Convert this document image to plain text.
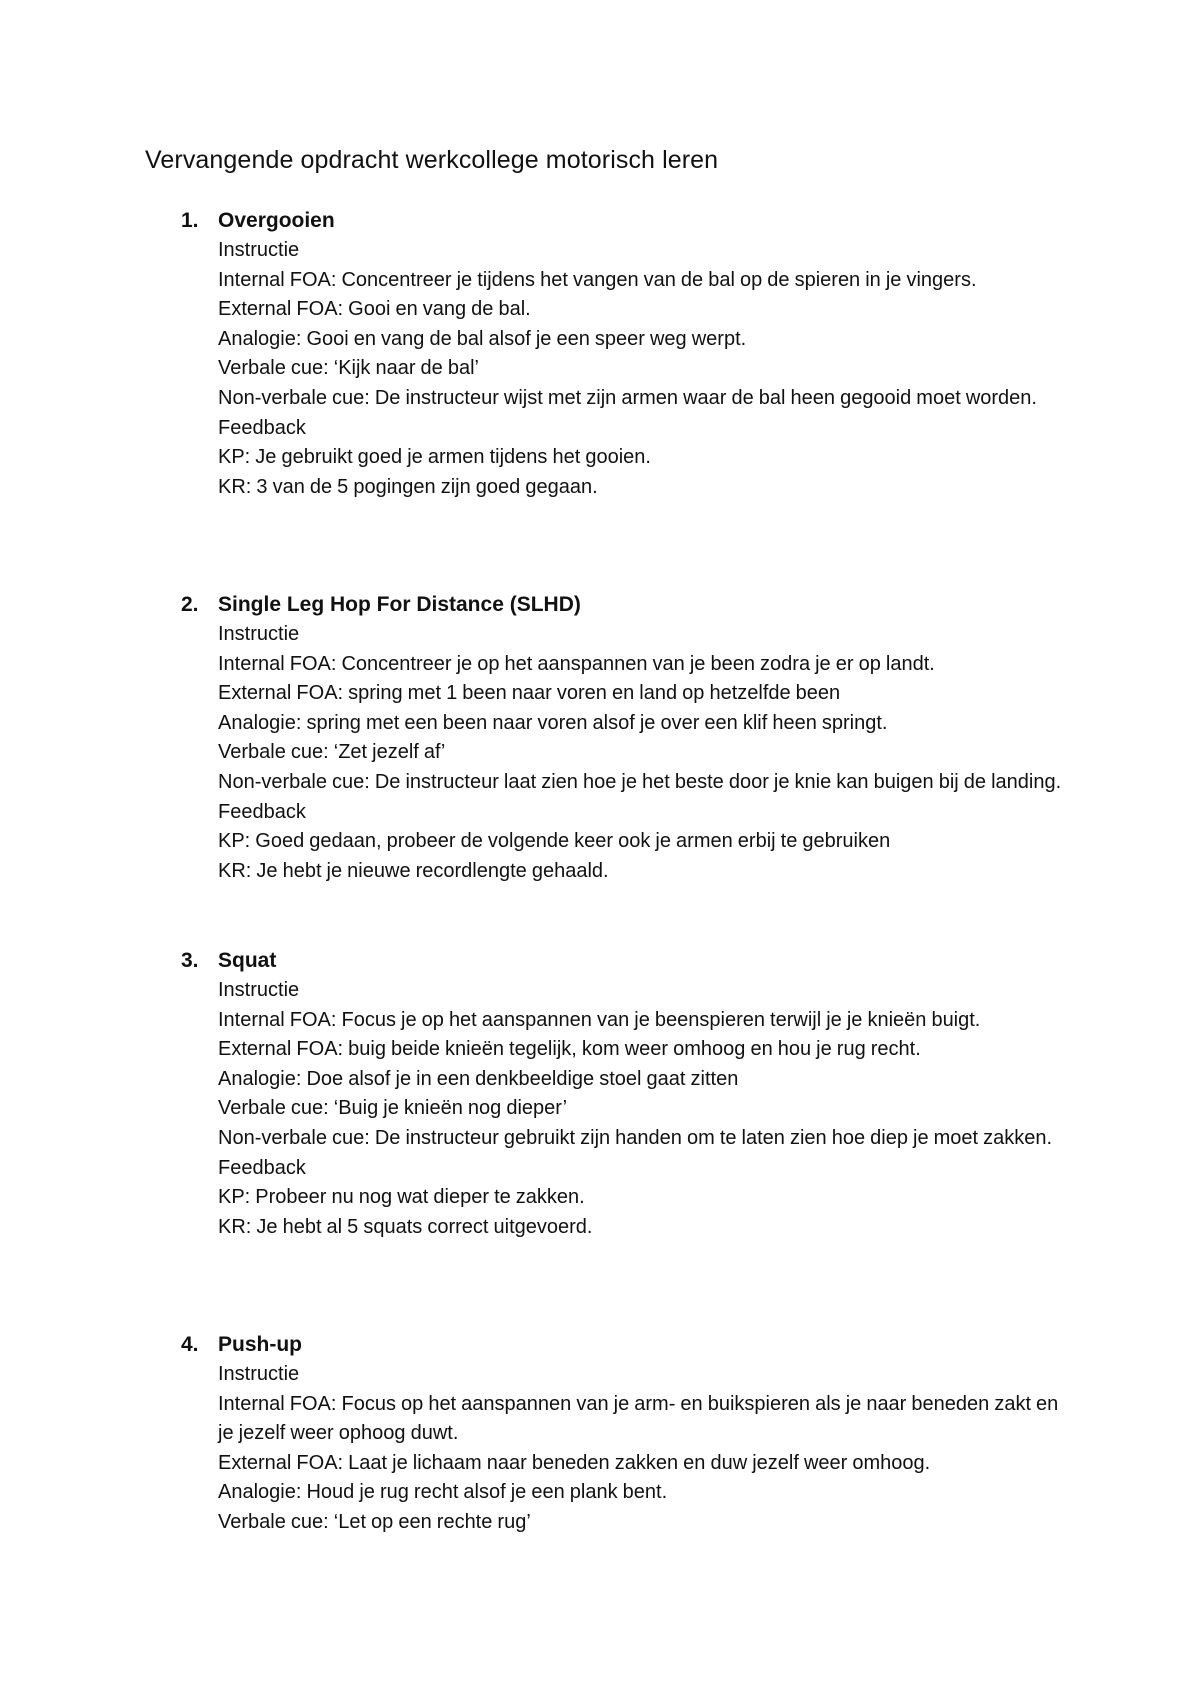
Vervangende opdracht werkcollege motorisch leren
1. Overgooien
Instructie
Internal FOA: Concentreer je tijdens het vangen van de bal op de spieren in je vingers.
External FOA: Gooi en vang de bal.
Analogie: Gooi en vang de bal alsof je een speer weg werpt.
Verbale cue: ‘Kijk naar de bal’
Non-verbale cue: De instructeur wijst met zijn armen waar de bal heen gegooid moet worden.
Feedback
KP: Je gebruikt goed je armen tijdens het gooien.
KR: 3 van de 5 pogingen zijn goed gegaan.
2. Single Leg Hop For Distance (SLHD)
Instructie
Internal FOA: Concentreer je op het aanspannen van je been zodra je er op landt.
External FOA: spring met 1 been naar voren en land op hetzelfde been
Analogie: spring met een been naar voren alsof je over een klif heen springt.
Verbale cue: ‘Zet jezelf af’
Non-verbale cue: De instructeur laat zien hoe je het beste door je knie kan buigen bij de landing.
Feedback
KP: Goed gedaan, probeer de volgende keer ook je armen erbij te gebruiken
KR: Je hebt je nieuwe recordlengte gehaald.
3. Squat
Instructie
Internal FOA: Focus je op het aanspannen van je beenspieren terwijl je je knieën buigt.
External FOA: buig beide knieën tegelijk, kom weer omhoog en hou je rug recht.
Analogie: Doe alsof je in een denkbeeldige stoel gaat zitten
Verbale cue: ‘Buig je knieën nog dieper’
Non-verbale cue: De instructeur gebruikt zijn handen om te laten zien hoe diep je moet zakken.
Feedback
KP: Probeer nu nog wat dieper te zakken.
KR: Je hebt al 5 squats correct uitgevoerd.
4. Push-up
Instructie
Internal FOA: Focus op het aanspannen van je arm- en buikspieren als je naar beneden zakt en je jezelf weer ophoog duwt.
External FOA: Laat je lichaam naar beneden zakken en duw jezelf weer omhoog.
Analogie: Houd je rug recht alsof je een plank bent.
Verbale cue: ‘Let op een rechte rug’
